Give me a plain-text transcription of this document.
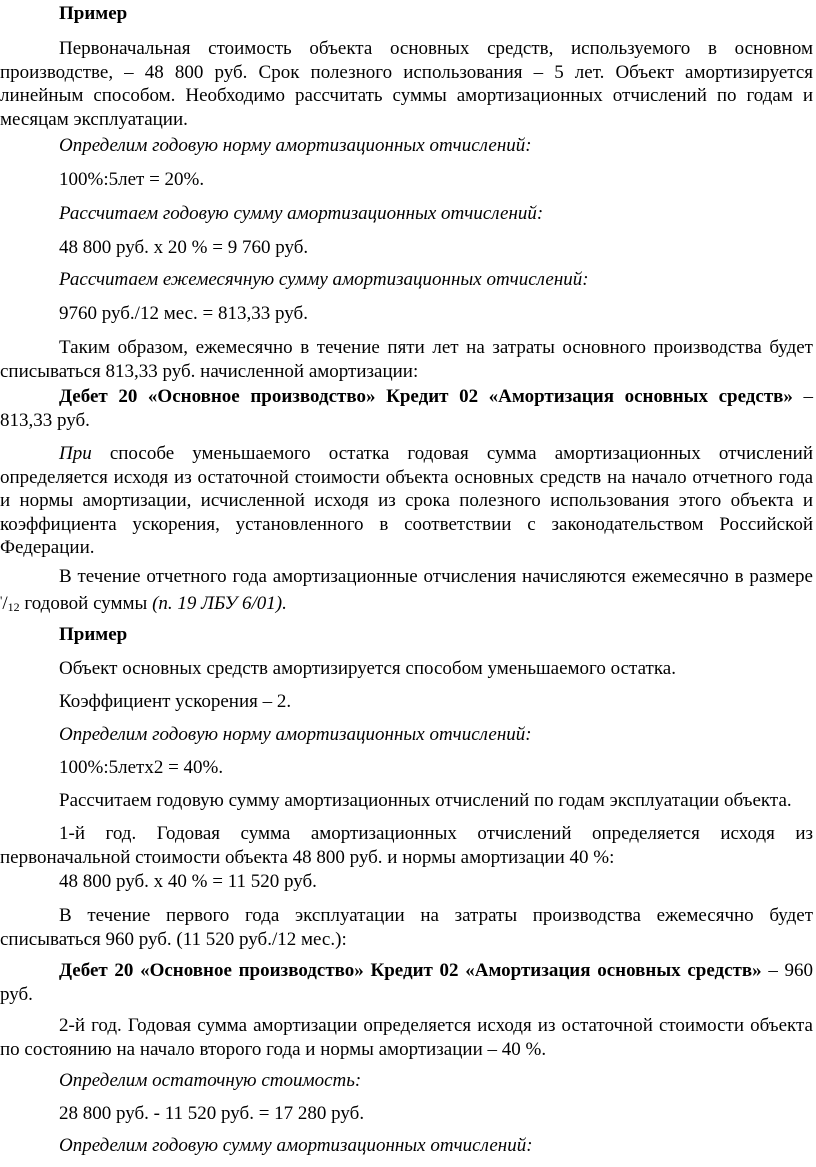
Пример

Первоначальная стоимость объекта основных средств, используемого в основном производстве, – 48 800 руб. Срок полезного использования – 5 лет. Объект амортизируется линейным способом. Необходимо рассчитать суммы амортизационных отчислений по годам и месяцам эксплуатации.

Определим годовую норму амортизационных отчислений:

100%:5лет = 20%.

Рассчитаем годовую сумму амортизационных отчислений:

48 800 руб. х 20 % = 9 760 руб.

Рассчитаем ежемесячную сумму амортизационных отчислений:

9760 руб./12 мес. = 813,33 руб.

Таким образом, ежемесячно в течение пяти лет на затраты основного производства будет списываться 813,33 руб. начисленной амортизации:

Дебет 20 «Основное производство» Кредит 02 «Амортизация основных средств» – 813,33 руб.

При способе уменьшаемого остатка годовая сумма амортизационных отчислений определяется исходя из остаточной стоимости объекта основных средств на начало отчетного года и нормы амортизации, исчисленной исходя из срока полезного использования этого объекта и коэффициента ускорения, установленного в соответствии с законодательством Российской Федерации.

В течение отчетного года амортизационные отчисления начисляются ежемесячно в размере '/12 годовой суммы (п. 19 ЛБУ 6/01).

Пример

Объект основных средств амортизируется способом уменьшаемого остатка.

Коэффициент ускорения – 2.

Определим годовую норму амортизационных отчислений:

100%:5летх2 = 40%.

Рассчитаем годовую сумму амортизационных отчислений по годам эксплуатации объекта.

1-й год. Годовая сумма амортизационных отчислений определяется исходя из первоначальной стоимости объекта 48 800 руб. и нормы амортизации 40 %:

48 800 руб. х 40 % = 11 520 руб.

В течение первого года эксплуатации на затраты производства ежемесячно будет списываться 960 руб. (11 520 руб./12 мес.):

Дебет 20 «Основное производство» Кредит 02 «Амортизация основных средств» – 960 руб.

2-й год. Годовая сумма амортизации определяется исходя из остаточной стоимости объекта по состоянию на начало второго года и нормы амортизации – 40 %.

Определим остаточную стоимость:

28 800 руб. - 11 520 руб. = 17 280 руб.

Определим годовую сумму амортизационных отчислений:
